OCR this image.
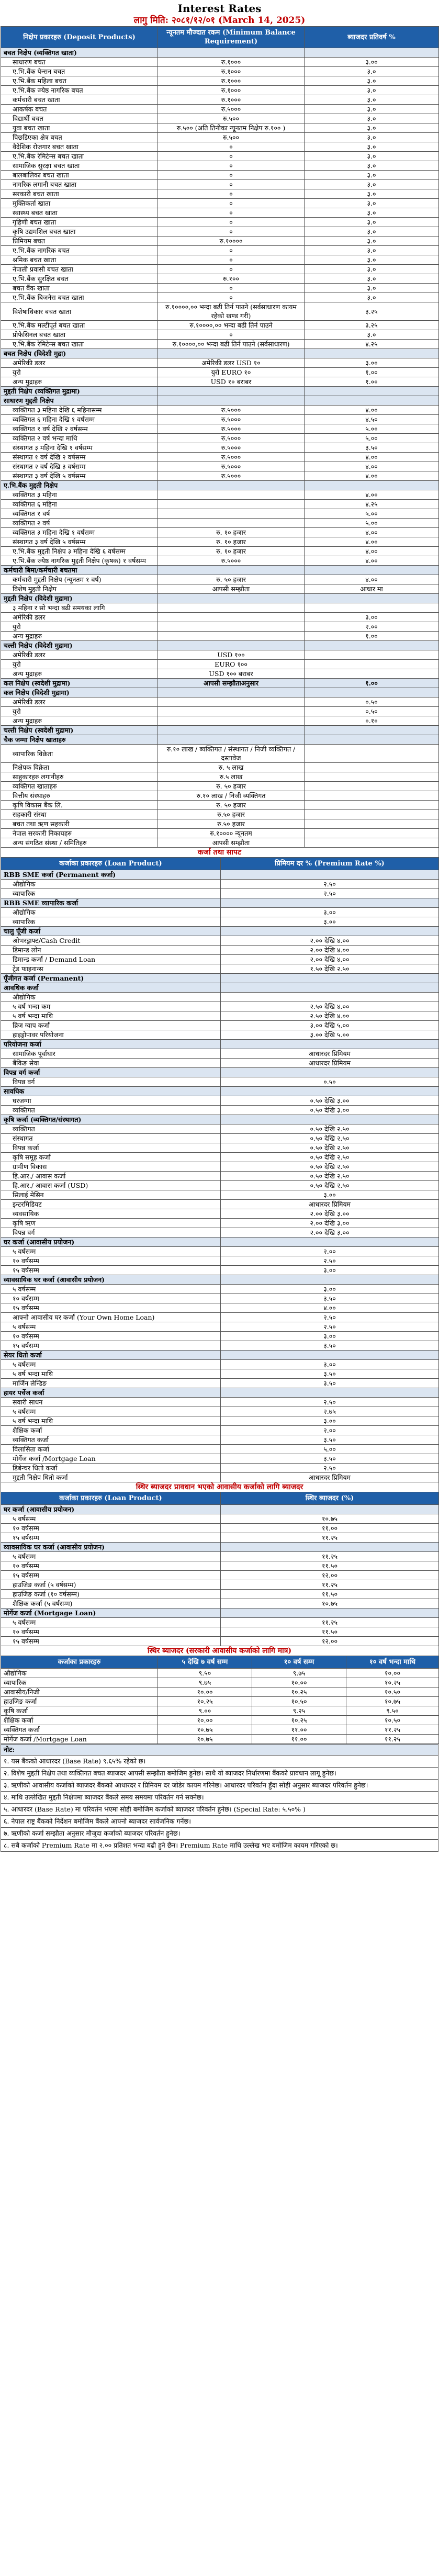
Interest Rates
लागु मिति: २०८१/१२/०१ (March 14, 2025)
निक्षेप प्रकारहरु (Deposit Products)	न्यूनतम मौज्दात रकम (Minimum Balance Requirement)	ब्याजदर प्रतिवर्ष %
बचत निक्षेप (व्यक्तिगत खाता)		
साधारण बचत	रु.१०००	३.००
ए.भि.बैंक पेन्सन बचत	रु.१०००	३.०
ए.भि.बैंक महिला बचत	रु.१०००	३.०
ए.भि.बैंक ज्येष्ठ नागरिक बचत	रु.१०००	३.०
कर्मचारी बचत खाता	रु.१०००	३.०
आकर्षक बचत	रु.५०००	३.०
विद्यार्थी बचत	रु.५००	३.०
युवा बचत खाता	रु.५०० (अति तिनीका न्यूनतम निक्षेप रु.१०० )	३.०
पिछडिएका क्षेत्र बचत	रु.५००	३.०
वैदेशिक रोजगार बचत खाता	०	३.०
ए.भि.बैंक रेमिटेन्स बचत खाता	०	३.०
सामाजिक सुरक्षा बचत खाता	०	३.०
बालबालिका बचत खाता	०	३.०
नागरिक लगानी बचत खाता	०	३.०
सरकारी बचत खाता	०	३.०
मुक्तिकर्ता खाता	०	३.०
स्वास्थ्य बचत खाता	०	३.०
गृहिणी बचत खाता	०	३.०
कृषि उद्यमशिल बचत खाता	०	३.०
प्रिमियम बचत	रु.१००००	३.०
ए.भि.बैंक नागरिक बचत	०	३.०
श्रमिक बचत खाता	०	३.०
नेपाली प्रवासी बचत खाता	०	३.०
ए.भि.बैंक सुरक्षित बचत	रु.१००	३.०
बचत बैंक खाता	०	३.०
ए.भि.बैंक बिजनेस बचत खाता	०	३.०
विशेषाधिकार बचत खाता	रु.१००००,०० भन्दा बढी तिर्न पाउने (सर्वसाधारण कायम रहेको खण्ड गरी)	३.२५
ए.भि.बैंक मल्टीपूर्त बचत खाता	रु.१००००,०० भन्दा बढी तिर्न पाउने	३.२५
प्रोफेसिनल बचत खाता	०	३.०
ए.भि.बैंक रेमिटेन्स बचत खाता	रु.१००००,०० भन्दा बढी तिर्न पाउने (सर्वसाधारण)	४.२५
बचत निक्षेप (विदेशी मुद्रा)		
अमेरिकी डलर	अमेरिकी डलर USD १०	३.००
युरो	युरो EURO १०	१.००
अन्य मुद्राहरु	USD १० बराबर	१.००
मुद्दती निक्षेप (व्यक्तिगत मुद्रामा)		
साधारण मुद्दती निक्षेप		
व्यक्तिगत ३ महिना देखि ६ महिनासम्म	रु.५०००	४.००
व्यक्तिगत ६ महिना देखि १ वर्षसम्म	रु.५०००	४.५०
व्यक्तिगत १ वर्ष देखि २ वर्षसम्म	रु.५०००	५.००
व्यक्तिगत २ वर्ष भन्दा माथि	रु.५०००	५.००
संस्थागत ३ महिना देखि १ वर्षसम्म	रु.५०००	३.५०
संस्थागत १ वर्ष देखि २ वर्षसम्म	रु.५०००	४.००
संस्थागत २ वर्ष देखि ३ वर्षसम्म	रु.५०००	४.००
संस्थागत ३ वर्ष देखि ५ वर्षसम्म	रु.५०००	४.००
ए.भि.बैंक मुद्दती निक्षेप		
व्यक्तिगत ३ महिना		४.००
व्यक्तिगत ६ महिना		४.२५
व्यक्तिगत १ वर्ष		५.००
व्यक्तिगत २ वर्ष		५.००
व्यक्तिगत ३ महिना देखि १ वर्षसम्म	रु. १० हजार	४.००
संस्थागत ३ वर्ष देखि ५ वर्षसम्म	रु. १० हजार	४.००
ए.भि.बैंक मुद्दती निक्षेप ३ महिना देखि ६ वर्षसम्म	रु. १० हजार	४.००
ए.भि.बैंक ज्येष्ठ नागरिक मुद्दती निक्षेप (कृषक) १ वर्षसम्म	रु.५०००	४.००
कर्मचारी बिमा/कर्मचारी बचतमा		
कर्मचारी मुद्दती निक्षेप (न्यूनतम १ वर्ष)	रु. ५० हजार	४.००
विशेष मुद्दती निक्षेप	आपसी सम्झौता	आधार मा
मुद्दती निक्षेप (विदेशी मुद्रामा)		
३ महिना र सो भन्दा बढी समयका लागि		
अमेरिकी डलर		३.००
युरो		२.००
अन्य मुद्राहरु		१.००
चल्ती निक्षेप (विदेशी मुद्रामा)		
अमेरिकी डलर	USD १००	
युरो	EURO १००	
अन्य मुद्राहरु	USD १०० बराबर	
कल निक्षेप (स्वदेशी मुद्रामा)	आपसी सम्झौताअनुसार	१.००
कल निक्षेप (विदेशी मुद्रामा)		
अमेरिकी डलर		०.५०
युरो		०.५०
अन्य मुद्राहरु		०.१०
चल्ती निक्षेप (स्वदेशी मुद्रामा)		
चैक जम्मा निक्षेप खाताहरु		
व्यापारिक विक्रेता	रु.१० लाख / ब्यक्तिगत / संस्थागत / निजी व्यक्तिगत / दस्तावेज	
निक्षेपक विक्रेता	रु. ५ लाख	
साहुकारहरु लगानीहरु	रु.५ लाख	
व्यक्तिगत खाताहरु	रु. ५० हजार	
वित्तीय संस्थाहरु	रु.१० लाख / निजी व्यक्तिगत	
कृषि विकास बैंक लि.	रु. ५० हजार	
सहकारी संस्था	रु.५० हजार	
बचत तथा ऋण सहकारी	रु.५० हजार	
नेपाल सरकारी निकायहरु	रु.१०००० न्यूनतम	
अन्य संगठित संस्था / समितिहरु	आपसी सम्झौता	
कर्जा तथा सापट
कर्जाका प्रकारहरु (Loan Product)	प्रिमियम दर % (Premium Rate %)
RBB SME कर्जा (Permanent कर्जा)	
औद्योगिक	२.५०
व्यापारिक	२.५०
RBB SME व्यापारिक कर्जा	
औद्योगिक	३.००
व्यापारिक	३.००
चालु पूँजी कर्जा	
ओभरड्राफ्ट/Cash Credit	२.०० देखि ४.००
डिमान्ड लोन	२.०० देखि ४.००
डिमान्ड कर्जा / Demand Loan	२.०० देखि ४.००
ट्रेड फाइनान्स	१.५० देखि २.५०
पूँजीगत कर्जा (Permanent)	
आवधिक कर्जा	
औद्योगिक	
५ वर्ष भन्दा कम	२.५० देखि ४.००
५ वर्ष भन्दा माथि	२.५० देखि ४.००
ब्रिज ग्याप कर्जा	३.०० देखि ५.००
हाइड्रोपावर परियोजना	३.०० देखि ५.००
परियोजना कर्जा	
सामाजिक पूर्वाधार	आधारदर प्रिमियम
बैंकिङ सेवा	आधारदर प्रिमियम
विपन्न वर्ग कर्जा	
विपन्न वर्ग	०.५०
सावधिक	
घरजग्गा	०.५० देखि ३.००
व्यक्तिगत	०.५० देखि ३.००
कृषि कर्जा (व्यक्तिगत/संस्थागत)	
व्यक्तिगत	०.५० देखि २.५०
संस्थागत	०.५० देखि २.५०
विपन्न कर्जा	०.५० देखि २.५०
कृषि समूह कर्जा	०.५० देखि २.५०
ग्रामीण विकास	०.५० देखि २.५०
हि.आर./ आवास कर्जा	०.५० देखि २.५०
हि.आर./ आवास कर्जा (USD)	०.५० देखि २.५०
सिलाई मेसिन	३.००
इन्टरमिडियट	आधारदर प्रिमियम
व्यवसायिक	२.०० देखि ३.००
कृषि ऋण	२.०० देखि ३.००
विपन्न वर्ग	२.०० देखि ३.००
घर कर्जा (आवासीय प्रयोजन)	
५ वर्षसम्म	२.००
१० वर्षसम्म	२.५०
१५ वर्षसम्म	३.००
व्यावसायिक घर कर्जा (आवासीय प्रयोजन)	
५ वर्षसम्म	३.००
१० वर्षसम्म	३.५०
१५ वर्षसम्म	४.००
आफ्नो आवासीय घर कर्जा (Your Own Home Loan)	२.५०
५ वर्षसम्म	२.५०
१० वर्षसम्म	३.००
१५ वर्षसम्म	३.५०
सेयर धितो कर्जा	
५ वर्षसम्म	३.००
५ वर्ष भन्दा माथि	३.५०
मार्जिन लेन्डिङ	३.५०
हायर पर्चेज कर्जा	
सवारी साधन	२.५०
५ वर्षसम्म	२.७५
५ वर्ष भन्दा माथि	३.००
शैक्षिक कर्जा	२.००
व्यक्तिगत कर्जा	३.५०
विलासिता कर्जा	५.००
मोर्गेज कर्जा /Mortgage Loan	३.५०
डिबेन्चर धितो कर्जा	२.५०
मुद्दती निक्षेप धितो कर्जा	आधारदर प्रिमियम
स्थिर ब्याजदर प्रावधान भएको आवासीय कर्जाको लागि ब्याजदर
कर्जाका प्रकारहरु (Loan Product)	स्थिर ब्याजदर (%)
घर कर्जा (आवासीय प्रयोजन)	
५ वर्षसम्म	१०.७५
१० वर्षसम्म	११.००
१५ वर्षसम्म	११.२५
व्यावसायिक घर कर्जा (आवासीय प्रयोजन)	
५ वर्षसम्म	११.२५
१० वर्षसम्म	११.५०
१५ वर्षसम्म	१२.००
हाउजिङ कर्जा (५ वर्षसम्म)	११.२५
हाउजिङ कर्जा (१० वर्षसम्म)	११.५०
शैक्षिक कर्जा (५ वर्षसम्म)	१०.७५
मोर्गेज कर्जा (Mortgage Loan)	
५ वर्षसम्म	११.२५
१० वर्षसम्म	११.५०
१५ वर्षसम्म	१२.००
स्थिर ब्याजदर (सरकारी आवासीय कर्जाको लागि मात्र)
कर्जाका प्रकारहरु	५ देखि ७ वर्ष सम्म	१० वर्ष सम्म	१० वर्ष भन्दा माथि
औद्योगिक	९.५०	९.७५	१०.००
व्यापारिक	९.७५	१०.००	१०.२५
आवासीय/निजी	१०.००	१०.२५	१०.५०
हाउजिङ कर्जा	१०.२५	१०.५०	१०.७५
कृषि कर्जा	९.००	९.२५	९.५०
शैक्षिक कर्जा	१०.००	१०.२५	१०.५०
व्यक्तिगत कर्जा	१०.७५	११.००	११.२५
मोर्गेज कर्जा /Mortgage Loan	१०.७५	११.००	११.२५
नोट:
१. यस बैंकको आधारदर (Base Rate) ९.६५% रहेको छ।
२. विशेष मुद्दती निक्षेप तथा व्यक्तिगत बचत ब्याजदर आपसी सम्झौता बमोजिम हुनेछ। साथै यो ब्याजदर निर्धारणमा बैंकको प्रावधान लागू हुनेछ।
३. ऋणीको आवासीय कर्जाको ब्याजदर बैंकको आधारदर र प्रिमियम दर जोडेर कायम गरिनेछ। आधारदर परिवर्तन हुँदा सोही अनुसार ब्याजदर परिवर्तन हुनेछ।
४. माथि उल्लेखित मुद्दती निक्षेपमा ब्याजदर बैंकले समय समयमा परिवर्तन गर्न सक्नेछ।
५. आधारदर (Base Rate) मा परिवर्तन भएमा सोही बमोजिम कर्जाको ब्याजदर परिवर्तन हुनेछ। (Special Rate: ५.५०% )
६. नेपाल राष्ट्र बैंकको निर्देशन बमोजिम बैंकले आफ्नो ब्याजदर सार्वजनिक गर्नेछ।
७. ऋणीको कर्जा सम्झौता अनुसार मौजुदा कर्जाको ब्याजदर परिवर्तन हुनेछ।
८. सबै कर्जाको Premium Rate मा २.०० प्रतिशत भन्दा बढी हुने छैन। Premium Rate माथि उल्लेख भए बमोजिम कायम गरिएको छ।
